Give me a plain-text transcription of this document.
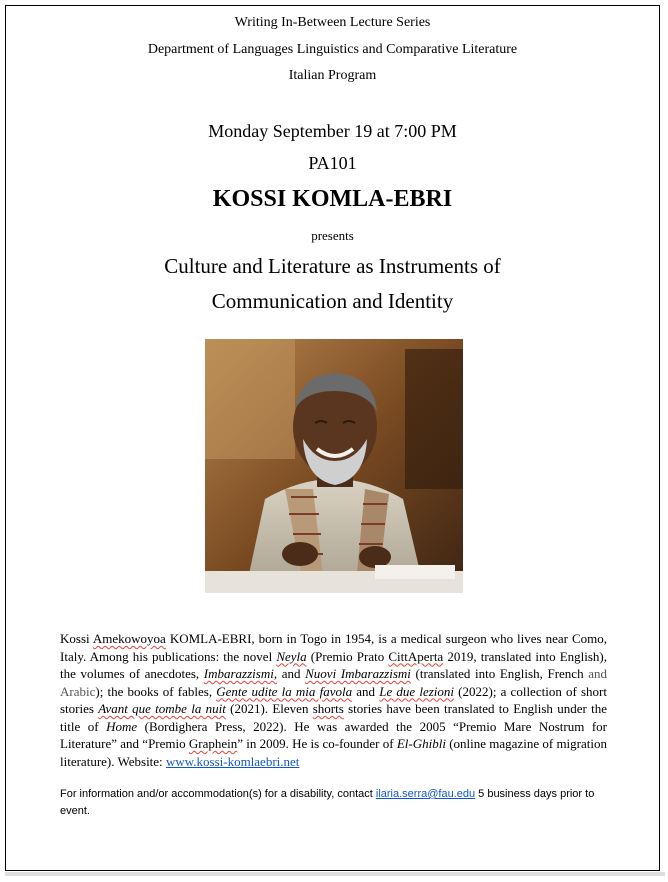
Writing In-Between Lecture Series
Department of Languages Linguistics and Comparative Literature
Italian Program
Monday September 19 at 7:00 PM
PA101
KOSSI KOMLA-EBRI
presents
Culture and Literature as Instruments of
Communication and Identity
Kossi Amekowoyoa KOMLA-EBRI, born in Togo in 1954, is a medical surgeon who lives near Como, Italy. Among his publications: the novel Neyla (Premio Prato CittAperta 2019, translated into English), the volumes of anecdotes, Imbarazzismi, and Nuovi Imbarazzismi (translated into English, French and Arabic); the books of fables, Gente udite la mia favola and Le due lezioni (2022); a collection of short stories Avant que tombe la nuit (2021). Eleven shorts stories have been translated to English under the title of Home (Bordighera Press, 2022). He was awarded the 2005 “Premio Mare Nostrum for Literature” and “Premio Graphein” in 2009. He is co-founder of El-Ghibli (online magazine of migration literature). Website: www.kossi-komlaebri.net
For information and/or accommodation(s) for a disability, contact ilaria.serra@fau.edu 5 business days prior to event.
